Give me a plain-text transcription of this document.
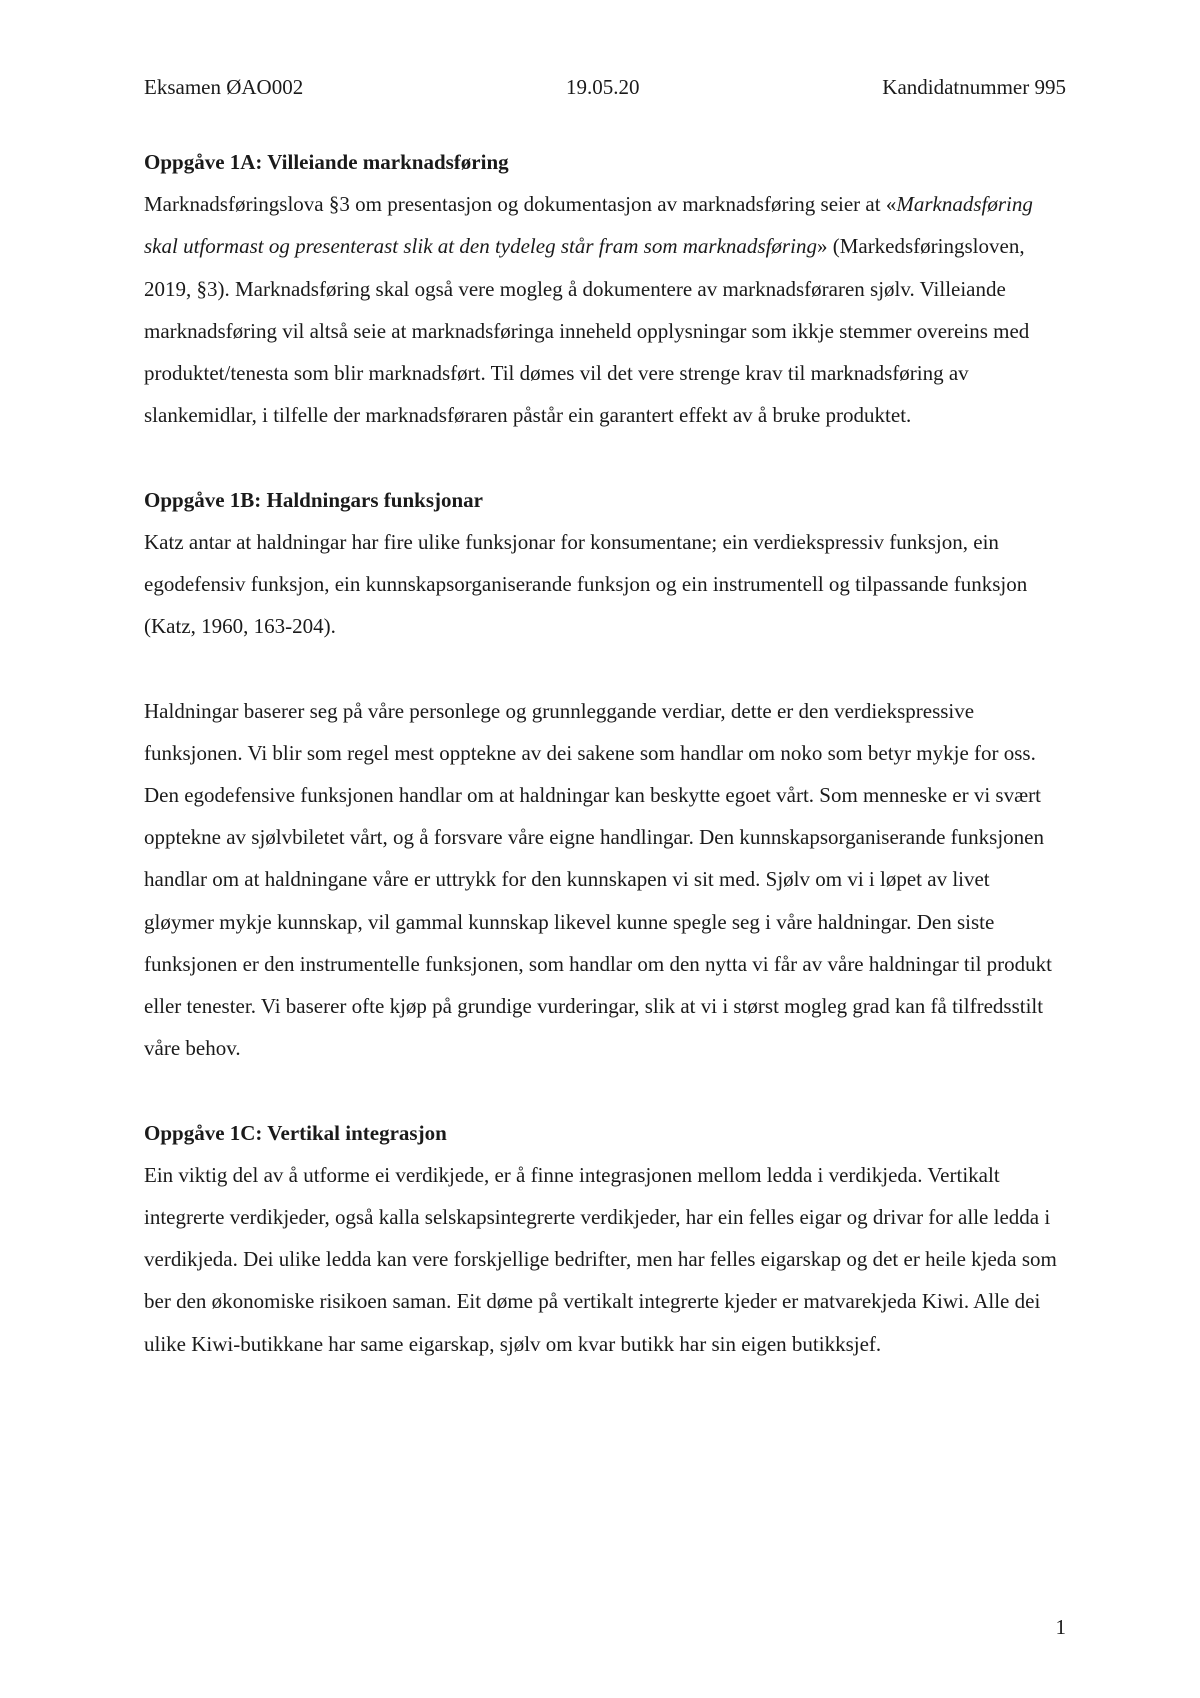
Eksamen ØAO002	19.05.20	Kandidatnummer 995
Oppgåve 1A: Villeiande marknadsføring

Marknadsføringslova §3 om presentasjon og dokumentasjon av marknadsføring seier at «Marknadsføring skal utformast og presenterast slik at den tydeleg står fram som marknadsføring» (Markedsføringsloven, 2019, §3). Marknadsføring skal også vere mogleg å dokumentere av marknadsføraren sjølv. Villeiande marknadsføring vil altså seie at marknadsføringa inneheld opplysningar som ikkje stemmer overeins med produktet/tenesta som blir marknadsført. Til dømes vil det vere strenge krav til marknadsføring av slankemidlar, i tilfelle der marknadsføraren påstår ein garantert effekt av å bruke produktet.

Oppgåve 1B: Haldningars funksjonar

Katz antar at haldningar har fire ulike funksjonar for konsumentane; ein verdiekspressiv funksjon, ein egodefensiv funksjon, ein kunnskapsorganiserande funksjon og ein instrumentell og tilpassande funksjon (Katz, 1960, 163-204).

Haldningar baserer seg på våre personlege og grunnleggande verdiar, dette er den verdiekspressive funksjonen. Vi blir som regel mest opptekne av dei sakene som handlar om noko som betyr mykje for oss. Den egodefensive funksjonen handlar om at haldningar kan beskytte egoet vårt. Som menneske er vi svært opptekne av sjølvbiletet vårt, og å forsvare våre eigne handlingar. Den kunnskapsorganiserande funksjonen handlar om at haldningane våre er uttrykk for den kunnskapen vi sit med. Sjølv om vi i løpet av livet gløymer mykje kunnskap, vil gammal kunnskap likevel kunne spegle seg i våre haldningar. Den siste funksjonen er den instrumentelle funksjonen, som handlar om den nytta vi får av våre haldningar til produkt eller tenester. Vi baserer ofte kjøp på grundige vurderingar, slik at vi i størst mogleg grad kan få tilfredsstilt våre behov.

Oppgåve 1C: Vertikal integrasjon

Ein viktig del av å utforme ei verdikjede, er å finne integrasjonen mellom ledda i verdikjeda. Vertikalt integrerte verdikjeder, også kalla selskapsintegrerte verdikjeder, har ein felles eigar og drivar for alle ledda i verdikjeda. Dei ulike ledda kan vere forskjellige bedrifter, men har felles eigarskap og det er heile kjeda som ber den økonomiske risikoen saman. Eit døme på vertikalt integrerte kjeder er matvarekjeda Kiwi. Alle dei ulike Kiwi-butikkane har same eigarskap, sjølv om kvar butikk har sin eigen butikksjef.

1
